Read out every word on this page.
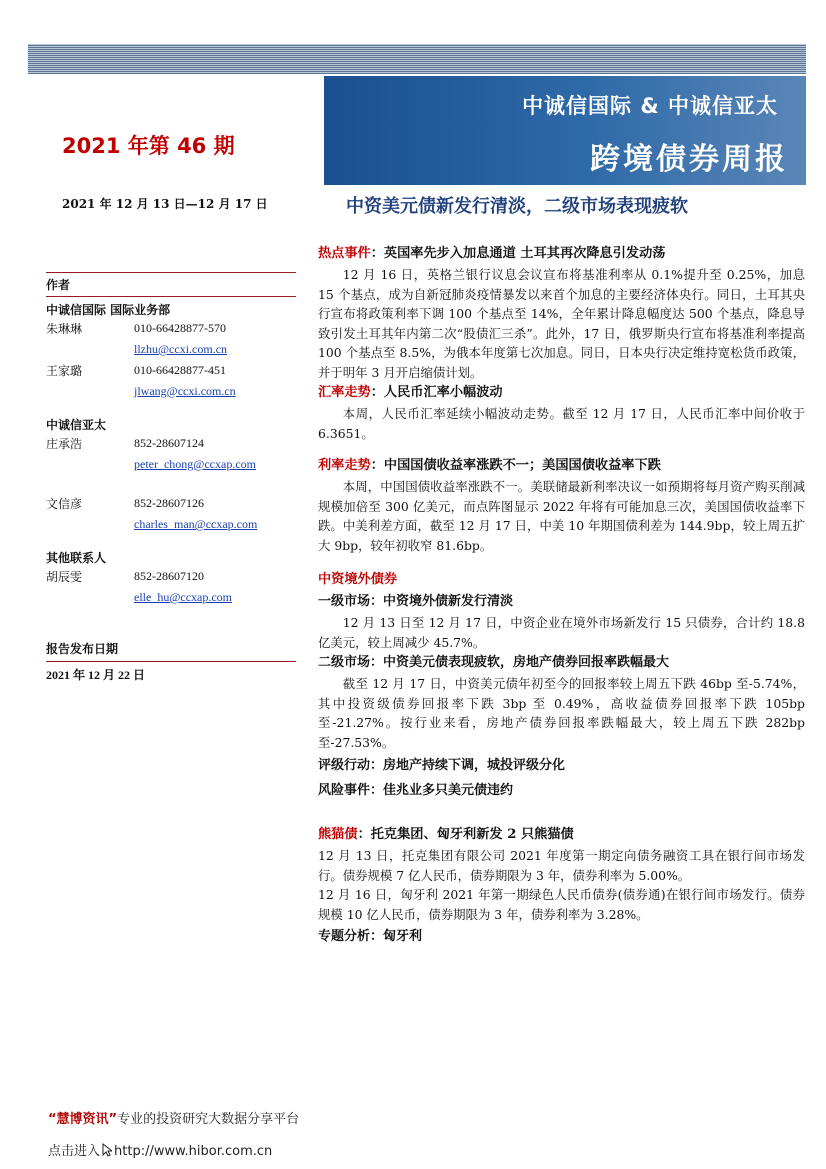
中诚信国际 & 中诚信亚太
跨境债券周报
2021 年第 46 期
2021 年 12 月 13 日—12 月 17 日	中资美元债新发行清淡，二级市场表现疲软
作者
中诚信国际 国际业务部
朱琳琳	010-66428877-570
llzhu@ccxi.com.cn
王家璐	010-66428877-451
jlwang@ccxi.com.cn
中诚信亚太
庄承浩	852-28607124
peter_chong@ccxap.com
文信彦	852-28607126
charles_man@ccxap.com
其他联系人
胡辰雯	852-28607120
elle_hu@ccxap.com
报告发布日期
2021 年 12 月 22 日
热点事件：英国率先步入加息通道 土耳其再次降息引发动荡

12 月 16 日，英格兰银行议息会议宣布将基准利率从 0.1%提升至 0.25%，加息 15 个基点，成为自新冠肺炎疫情暴发以来首个加息的主要经济体央行。同日，土耳其央行宣布将政策利率下调 100 个基点至 14%，全年累计降息幅度达 500 个基点，降息导致引发土耳其年内第二次“股债汇三杀”。此外，17 日，俄罗斯央行宣布将基准利率提高 100 个基点至 8.5%，为俄本年度第七次加息。同日，日本央行决定维持宽松货币政策，并于明年 3 月开启缩债计划。

汇率走势：人民币汇率小幅波动

本周，人民币汇率延续小幅波动走势。截至 12 月 17 日，人民币汇率中间价收于 6.3651。

利率走势：中国国债收益率涨跌不一；美国国债收益率下跌

本周，中国国债收益率涨跌不一。美联储最新利率决议一如预期将每月资产购买削减规模加倍至 300 亿美元，而点阵图显示 2022 年将有可能加息三次，美国国债收益率下跌。中美利差方面，截至 12 月 17 日，中美 10 年期国债利差为 144.9bp，较上周五扩大 9bp，较年初收窄 81.6bp。

中资境外债券
一级市场：中资境外债新发行清淡

12 月 13 日至 12 月 17 日，中资企业在境外市场新发行 15 只债券，合计约 18.8 亿美元，较上周减少 45.7%。

二级市场：中资美元债表现疲软，房地产债券回报率跌幅最大

截至 12 月 17 日，中资美元债年初至今的回报率较上周五下跌 46bp 至-5.74%，其中投资级债券回报率下跌 3bp 至 0.49%，高收益债券回报率下跌 105bp 至-21.27%。按行业来看，房地产债券回报率跌幅最大，较上周五下跌 282bp 至-27.53%。

评级行动：房地产持续下调，城投评级分化
风险事件：佳兆业多只美元债违约
熊猫债：托克集团、匈牙利新发 2 只熊猫债

12 月 13 日，托克集团有限公司 2021 年度第一期定向债务融资工具在银行间市场发行。债券规模 7 亿人民币，债券期限为 3 年，债券利率为 5.00%。

12 月 16 日，匈牙利 2021 年第一期绿色人民币债券(债券通)在银行间市场发行。债券规模 10 亿人民币，债券期限为 3 年，债券利率为 3.28%。

专题分析：匈牙利
“慧博资讯”专业的投资研究大数据分享平台
点击进入 http://www.hibor.com.cn
